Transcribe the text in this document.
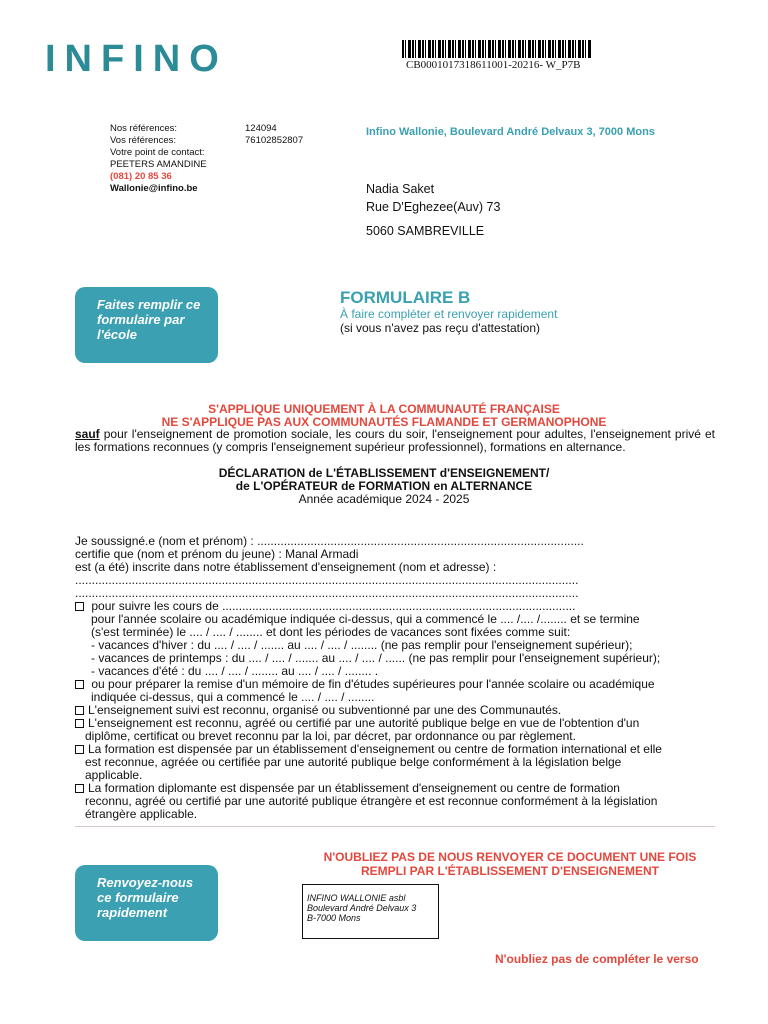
INFINO	CB0001017318611001-20216- W_P7B
Nos références:	124094
Vos références:	76102852807
Votre point de contact:
PEETERS AMANDINE
(081) 20 85 36
Wallonie@infino.be
Infino Wallonie, Boulevard André Delvaux 3, 7000 Mons
Nadia Saket
Rue D'Eghezee(Auv) 73
5060 SAMBREVILLE
Faites remplir ce
formulaire par
l'école
FORMULAIRE B
À faire compléter et renvoyer rapidement
(si vous n'avez pas reçu d'attestation)
S'APPLIQUE UNIQUEMENT À LA COMMUNAUTÉ FRANÇAISE
NE S'APPLIQUE PAS AUX COMMUNAUTÉS FLAMANDE ET GERMANOPHONE
sauf pour l'enseignement de promotion sociale, les cours du soir, l'enseignement pour adultes, l'enseignement privé et les formations reconnues (y compris l'enseignement supérieur professionnel), formations en alternance.
DÉCLARATION de L'ÉTABLISSEMENT d'ENSEIGNEMENT/
de L'OPÉRATEUR de FORMATION en ALTERNANCE
Année académique 2024 - 2025
Je soussigné.e (nom et prénom) : ..................................................................................................
certifie que (nom et prénom du jeune) : Manal Armadi
est (a été) inscrite dans notre établissement d'enseignement (nom et adresse) :
.......................................................................................................................................................
.......................................................................................................................................................
pour suivre les cours de ..........................................................................................................
pour l'année scolaire ou académique indiquée ci-dessus, qui a commencé le .... /.... /........ et se termine
(s'est terminée) le .... / .... / ........ et dont les périodes de vacances sont fixées comme suit:
- vacances d'hiver : du .... / .... / ....... au .... / .... / ........ (ne pas remplir pour l'enseignement supérieur);
- vacances de printemps : du .... / .... / ....... au .... / .... / ...... (ne pas remplir pour l'enseignement supérieur);
- vacances d'été : du .... / .... / ........ au .... / .... / ........ .
ou pour préparer la remise d'un mémoire de fin d'études supérieures pour l'année scolaire ou académique
indiquée ci-dessus, qui a commencé le .... / .... / ........
L'enseignement suivi est reconnu, organisé ou subventionné par une des Communautés.
L'enseignement est reconnu, agréé ou certifié par une autorité publique belge en vue de l'obtention d'un
diplôme, certificat ou brevet reconnu par la loi, par décret, par ordonnance ou par règlement.
La formation est dispensée par un établissement d'enseignement ou centre de formation international et elle
est reconnue, agréée ou certifiée par une autorité publique belge conformément à la législation belge
applicable.
La formation diplomante est dispensée par un établissement d'enseignement ou centre de formation
reconnu, agréé ou certifié par une autorité publique étrangère et est reconnue conformément à la législation
étrangère applicable.
N'OUBLIEZ PAS DE NOUS RENVOYER CE DOCUMENT UNE FOIS
REMPLI PAR L'ÉTABLISSEMENT D'ENSEIGNEMENT
Renvoyez-nous
ce formulaire
rapidement
INFINO WALLONIE asbl
Boulevard André Delvaux 3
B-7000 Mons
N'oubliez pas de compléter le verso
